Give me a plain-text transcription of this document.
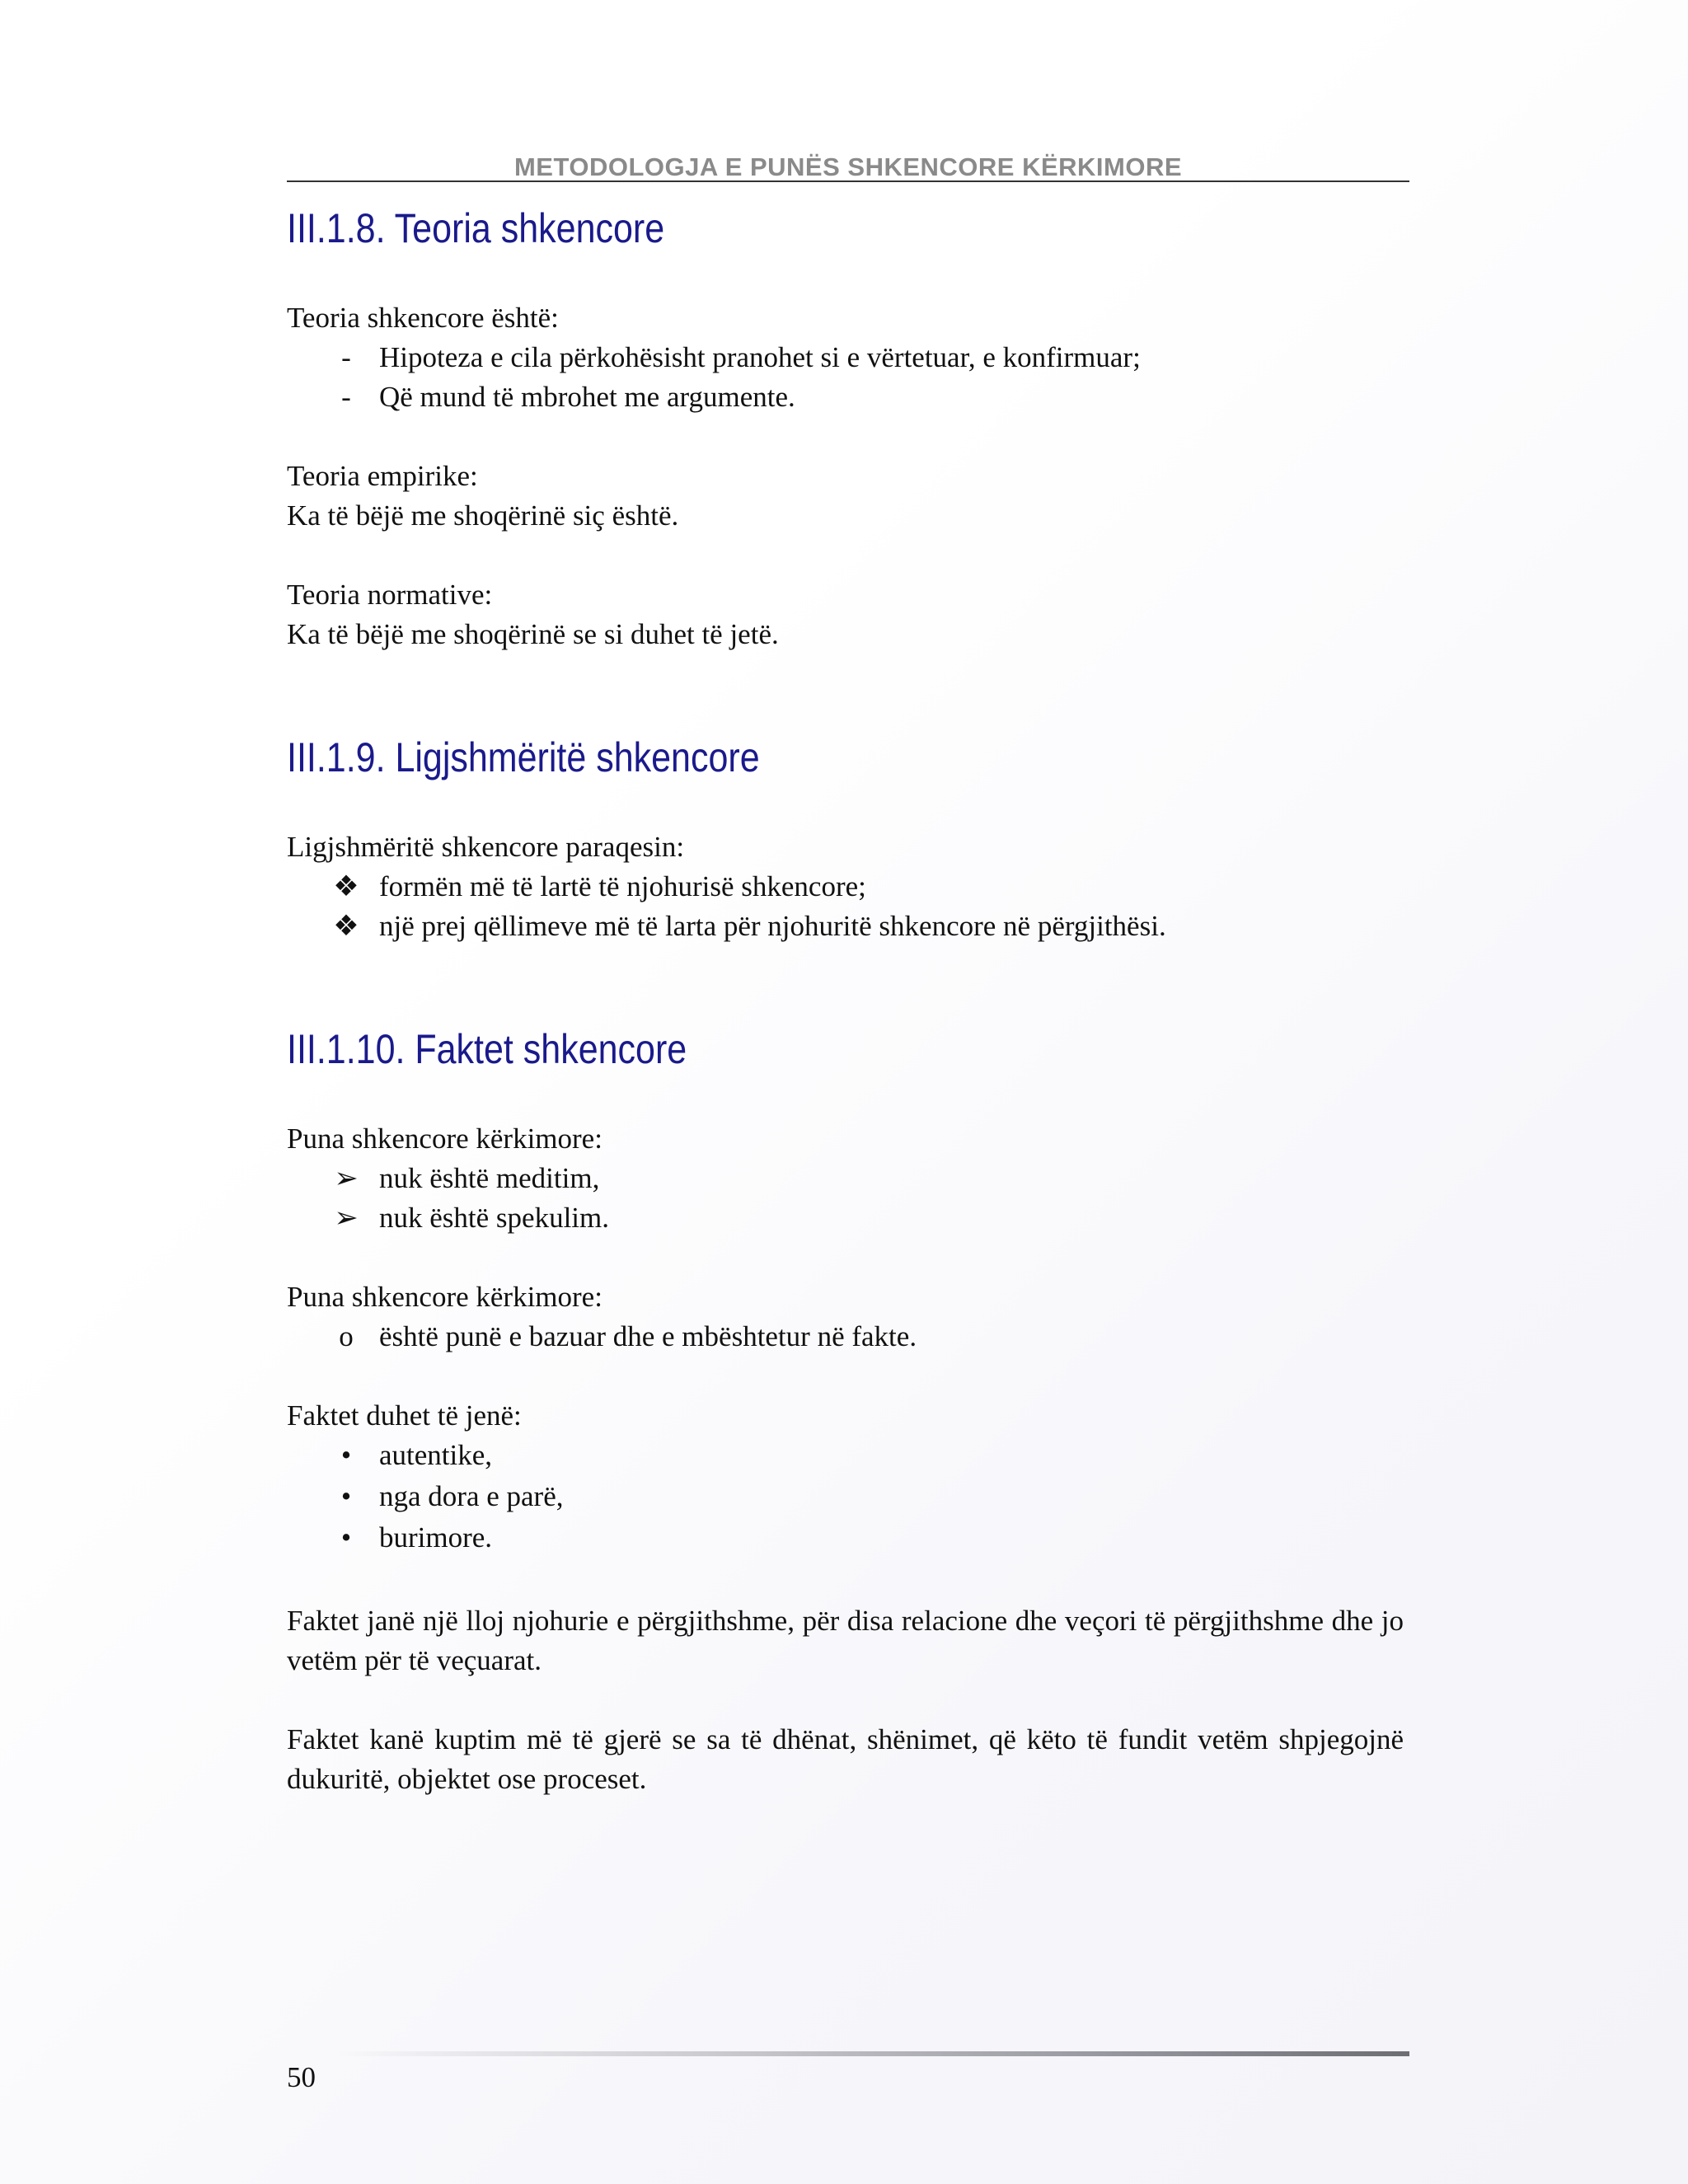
METODOLOGJA E PUNËS SHKENCORE KËRKIMORE
III.1.8. Teoria shkencore

Teoria shkencore është:

- Hipoteza e cila përkohësisht pranohet si e vërtetuar, e konfirmuar;
- Që mund të mbrohet me argumente.

Teoria empirike:

Ka të bëjë me shoqërinë siç është.

Teoria normative:

Ka të bëjë me shoqërinë se si duhet të jetë.

III.1.9. Ligjshmëritë shkencore

Ligjshmëritë shkencore paraqesin:

❖ formën më të lartë të njohurisë shkencore;
❖ një prej qëllimeve më të larta për njohuritë shkencore në përgjithësi.
III.1.10. Faktet shkencore

Puna shkencore kërkimore:

➢ nuk është meditim,
➢ nuk është spekulim.

Puna shkencore kërkimore:

o është punë e bazuar dhe e mbështetur në fakte.

Faktet duhet të jenë:

• autentike,
• nga dora e parë,
• burimore.

Faktet janë një lloj njohurie e përgjithshme, për disa relacione dhe veçori të përgjithshme dhe jo vetëm për të veçuarat.

Faktet kanë kuptim më të gjerë se sa të dhënat, shënimet, që këto të fundit vetëm shpjegojnë dukuritë, objektet ose proceset.

50
